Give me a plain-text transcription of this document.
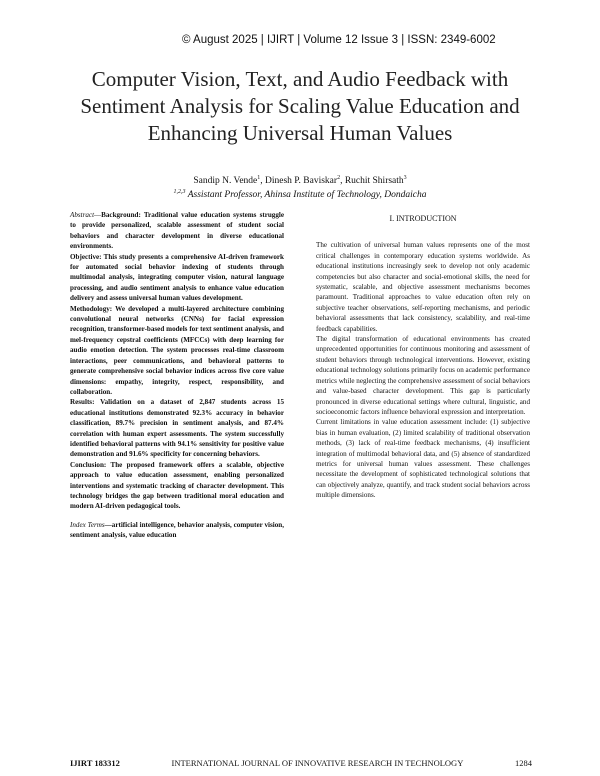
© August 2025 | IJIRT | Volume 12 Issue 3 | ISSN: 2349-6002
Computer Vision, Text, and Audio Feedback with
Sentiment Analysis for Scaling Value Education and
Enhancing Universal Human Values
Sandip N. Vende$^1$, Dinesh P. Baviskar$^2$, Ruchit Shirsath$^3$
$^{1,2,3}$ Assistant Professor, Ahinsa Institute of Technology, Dondaicha

Abstract—Background: Traditional value education systems struggle to provide personalized, scalable assessment of student social behaviors and character development in diverse educational environments.

Objective: This study presents a comprehensive AI-driven framework for automated social behavior indexing of students through multimodal analysis, integrating computer vision, natural language processing, and audio sentiment analysis to enhance value education delivery and assess universal human values development.

Methodology: We developed a multi-layered architecture combining convolutional neural networks (CNNs) for facial expression recognition, transformer-based models for text sentiment analysis, and mel-frequency cepstral coefficients (MFCCs) with deep learning for audio emotion detection. The system processes real-time classroom interactions, peer communications, and behavioral patterns to generate comprehensive social behavior indices across five core value dimensions: empathy, integrity, respect, responsibility, and collaboration.

Results: Validation on a dataset of 2,847 students across 15 educational institutions demonstrated 92.3% accuracy in behavior classification, 89.7% precision in sentiment analysis, and 87.4% correlation with human expert assessments. The system successfully identified behavioral patterns with 94.1% sensitivity for positive value demonstration and 91.6% specificity for concerning behaviors.

Conclusion: The proposed framework offers a scalable, objective approach to value education assessment, enabling personalized interventions and systematic tracking of character development. This technology bridges the gap between traditional moral education and modern AI-driven pedagogical tools.

Index Terms—artificial intelligence, behavior analysis, computer vision, sentiment analysis, value education

I. INTRODUCTION

The cultivation of universal human values represents one of the most critical challenges in contemporary education systems worldwide. As educational institutions increasingly seek to develop not only academic competencies but also character and social-emotional skills, the need for systematic, scalable, and objective assessment mechanisms becomes paramount. Traditional approaches to value education often rely on subjective teacher observations, self-reporting mechanisms, and periodic behavioral assessments that lack consistency, scalability, and real-time feedback capabilities.

The digital transformation of educational environments has created unprecedented opportunities for continuous monitoring and assessment of student behaviors through technological interventions. However, existing educational technology solutions primarily focus on academic performance metrics while neglecting the comprehensive assessment of social behaviors and value-based character development. This gap is particularly pronounced in diverse educational settings where cultural, linguistic, and socioeconomic factors influence behavioral expression and interpretation.

Current limitations in value education assessment include: (1) subjective bias in human evaluation, (2) limited scalability of traditional observation methods, (3) lack of real-time feedback mechanisms, (4) insufficient integration of multimodal behavioral data, and (5) absence of standardized metrics for universal human values assessment. These challenges necessitate the development of sophisticated technological solutions that can objectively analyze, quantify, and track student social behaviors across multiple dimensions.

IJIRT 183312	INTERNATIONAL JOURNAL OF INNOVATIVE RESEARCH IN TECHNOLOGY	1284
